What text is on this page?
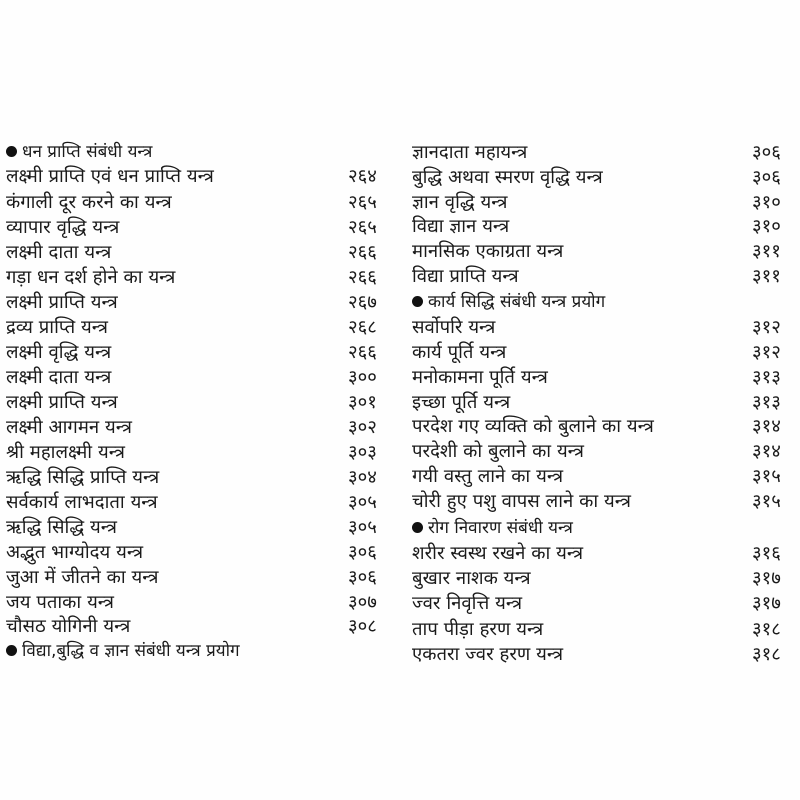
धन प्राप्ति संबंधी यन्त्र
लक्ष्मी प्राप्ति एवं धन प्राप्ति यन्त्र	२६४
कंगाली दूर करने का यन्त्र	२६५
व्यापार वृद्धि यन्त्र	२६५
लक्ष्मी दाता यन्त्र	२६६
गड़ा धन दर्श होने का यन्त्र	२६६
लक्ष्मी प्राप्ति यन्त्र	२६७
द्रव्य प्राप्ति यन्त्र	२६८
लक्ष्मी वृद्धि यन्त्र	२६६
लक्ष्मी दाता यन्त्र	३००
लक्ष्मी प्राप्ति यन्त्र	३०१
लक्ष्मी आगमन यन्त्र	३०२
श्री महालक्ष्मी यन्त्र	३०३
ऋद्धि सिद्धि प्राप्ति यन्त्र	३०४
सर्वकार्य लाभदाता यन्त्र	३०५
ऋद्धि सिद्धि यन्त्र	३०५
अद्भुत भाग्योदय यन्त्र	३०६
जुआ में जीतने का यन्त्र	३०६
जय पताका यन्त्र	३०७
चौसठ योगिनी यन्त्र	३०८
विद्या,बुद्धि व ज्ञान संबंधी यन्त्र प्रयोग
ज्ञानदाता महायन्त्र	३०६
बुद्धि अथवा स्मरण वृद्धि यन्त्र	३०६
ज्ञान वृद्धि यन्त्र	३१०
विद्या ज्ञान यन्त्र	३१०
मानसिक एकाग्रता यन्त्र	३११
विद्या प्राप्ति यन्त्र	३११
कार्य सिद्धि संबंधी यन्त्र प्रयोग
सर्वोपरि यन्त्र	३१२
कार्य पूर्ति यन्त्र	३१२
मनोकामना पूर्ति यन्त्र	३१३
इच्छा पूर्ति यन्त्र	३१३
परदेश गए व्यक्ति को बुलाने का यन्त्र	३१४
परदेशी को बुलाने का यन्त्र	३१४
गयी वस्तु लाने का यन्त्र	३१५
चोरी हुए पशु वापस लाने का यन्त्र	३१५
रोग निवारण संबंधी यन्त्र
शरीर स्वस्थ रखने का यन्त्र	३१६
बुखार नाशक यन्त्र	३१७
ज्वर निवृत्ति यन्त्र	३१७
ताप पीड़ा हरण यन्त्र	३१८
एकतरा ज्वर हरण यन्त्र	३१८
